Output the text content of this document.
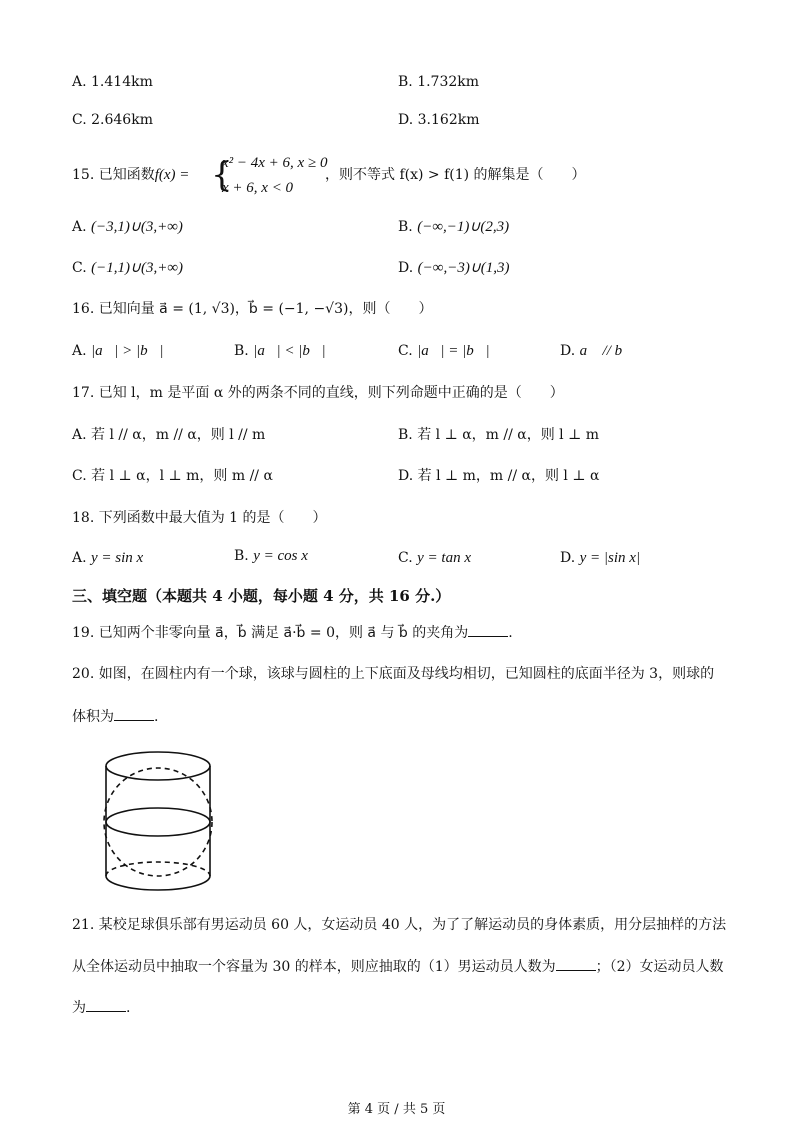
A. 1.414km	B. 1.732km
C. 2.646km	D. 3.162km
15. 已知函数f(x) = {
x² − 4x + 6, x ≥ 0
x + 6, x < 0
，则不等式 f(x) > f(1) 的解集是（　　）
A. (−3,1)∪(3,+∞)	B. (−∞,−1)∪(2,3)
C. (−1,1)∪(3,+∞)	D. (−∞,−3)∪(1,3)
16. 已知向量 a⃗ = (1, √3)，b⃗ = (−1, −√3)，则（　　）
A. |a⃗| > |b⃗|	B. |a⃗| < |b⃗|	C. |a⃗| = |b⃗|	D. a⃗ // b⃗
17. 已知 l，m 是平面 α 外的两条不同的直线，则下列命题中正确的是（　　）
A. 若 l // α，m // α，则 l // m	B. 若 l ⊥ α，m // α，则 l ⊥ m
C. 若 l ⊥ α，l ⊥ m，则 m // α	D. 若 l ⊥ m，m // α，则 l ⊥ α
18. 下列函数中最大值为 1 的是（　　）
A. y = sin x	B. y = cos x	C. y = tan x	D. y = |sin x|
三、填空题（本题共 4 小题，每小题 4 分，共 16 分.）
19. 已知两个非零向量 a⃗，b⃗ 满足 a⃗·b⃗ = 0，则 a⃗ 与 b⃗ 的夹角为	.
20. 如图，在圆柱内有一个球，该球与圆柱的上下底面及母线均相切，已知圆柱的底面半径为 3，则球的
体积为	.
21. 某校足球俱乐部有男运动员 60 人，女运动员 40 人，为了了解运动员的身体素质，用分层抽样的方法
从全体运动员中抽取一个容量为 30 的样本，则应抽取的（1）男运动员人数为	；（2）女运动员人数
为	.
第 4 页 / 共 5 页
